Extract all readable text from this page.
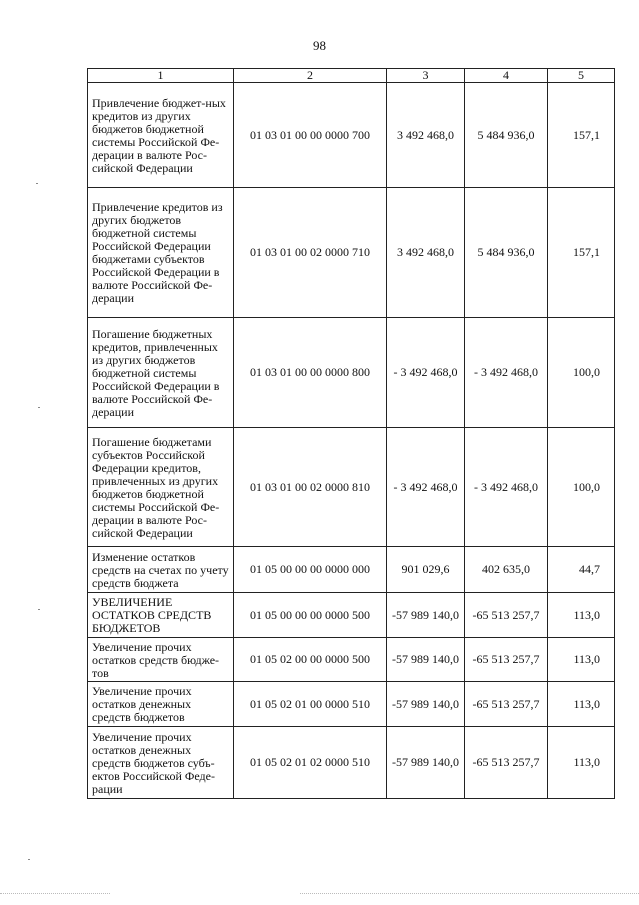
98
1	2	3	4	5
Привлечение бюджет-ных кредитов из других бюджетов бюджетной системы Российской Фе-дерации в валюте Рос-сийской Федерации	01 03 01 00 00 0000 700	3 492 468,0	5 484 936,0	157,1
Привлечение кредитов из других бюджетов бюджетной системы Российской Федерации бюджетами субъектов Российской Федерации в валюте Российской Фе-дерации	01 03 01 00 02 0000 710	3 492 468,0	5 484 936,0	157,1
Погашение бюджетных кредитов, привлеченных из других бюджетов бюджетной системы Российской Федерации в валюте Российской Фе-дерации	01 03 01 00 00 0000 800	- 3 492 468,0	- 3 492 468,0	100,0
Погашение бюджетами субъектов Российской Федерации кредитов, привлеченных из других бюджетов бюджетной системы Российской Фе-дерации в валюте Рос-сийской Федерации	01 03 01 00 02 0000 810	- 3 492 468,0	- 3 492 468,0	100,0
Изменение остатков средств на счетах по учету средств бюджета	01 05 00 00 00 0000 000	901 029,6	402 635,0	44,7
УВЕЛИЧЕНИЕ ОСТАТКОВ СРЕДСТВ БЮДЖЕТОВ	01 05 00 00 00 0000 500	-57 989 140,0	-65 513 257,7	113,0
Увеличение прочих остатков средств бюдже-тов	01 05 02 00 00 0000 500	-57 989 140,0	-65 513 257,7	113,0
Увеличение прочих остатков денежных средств бюджетов	01 05 02 01 00 0000 510	-57 989 140,0	-65 513 257,7	113,0
Увеличение прочих остатков денежных средств бюджетов субъ-ектов Российской Феде-рации	01 05 02 01 02 0000 510	-57 989 140,0	-65 513 257,7	113,0
